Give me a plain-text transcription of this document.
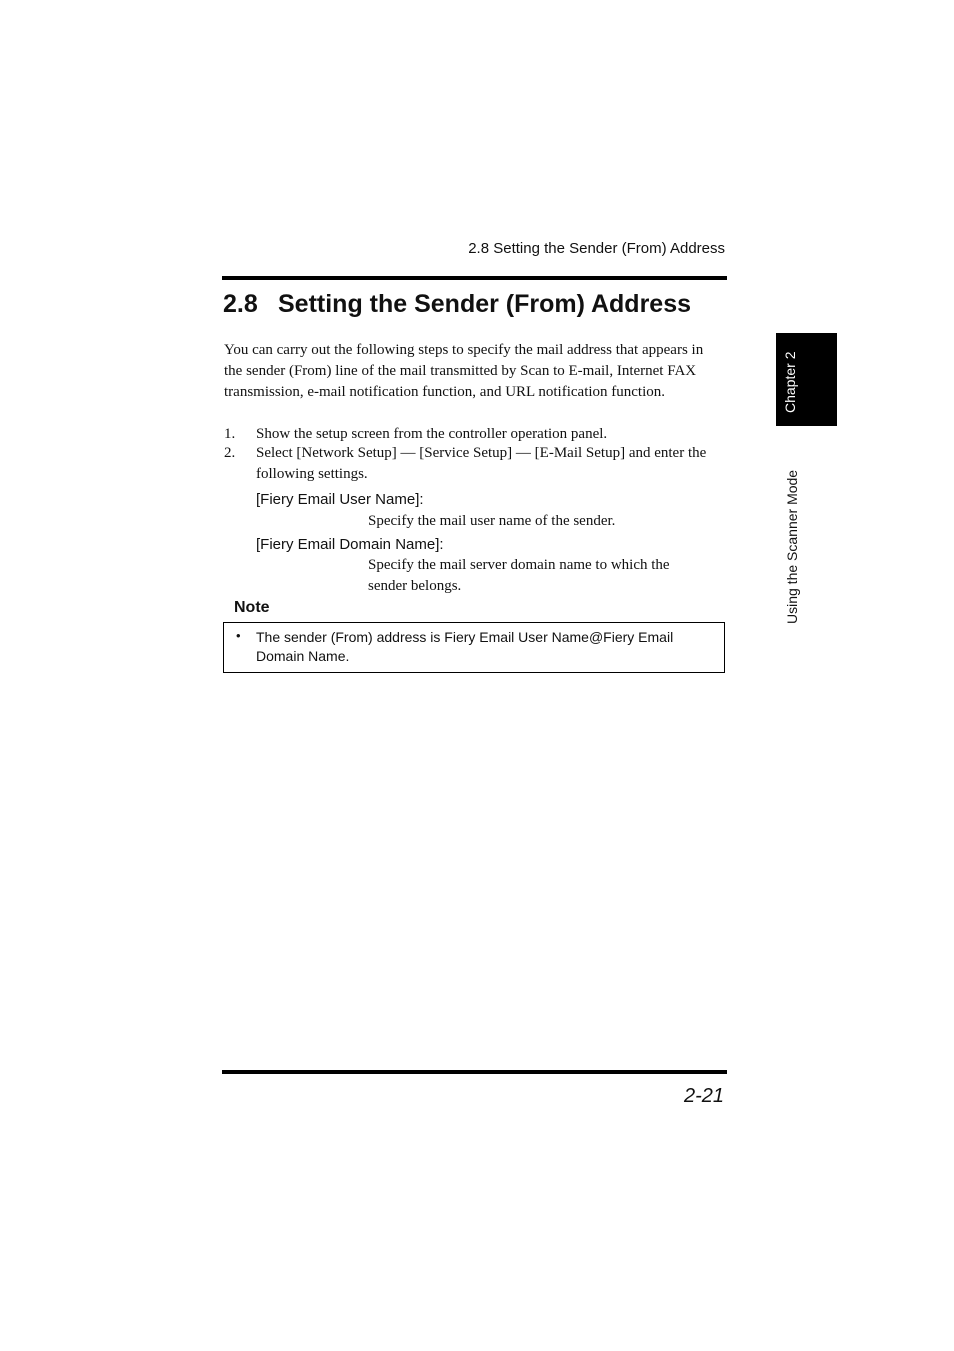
2.8 Setting the Sender (From) Address
2.8 Setting the Sender (From) Address

You can carry out the following steps to specify the mail address that appears in the sender (From) line of the mail transmitted by Scan to E-mail, Internet FAX transmission, e-mail notification function, and URL notification function.

1. Show the setup screen from the controller operation panel.
2. Select [Network Setup] — [Service Setup] — [E-Mail Setup] and enter the following settings.
[Fiery Email User Name]:
Specify the mail user name of the sender.
[Fiery Email Domain Name]:
Specify the mail server domain name to which the sender belongs.
Note
• The sender (From) address is Fiery Email User Name@Fiery Email Domain Name.
Chapter 2
Using the Scanner Mode
2-21
